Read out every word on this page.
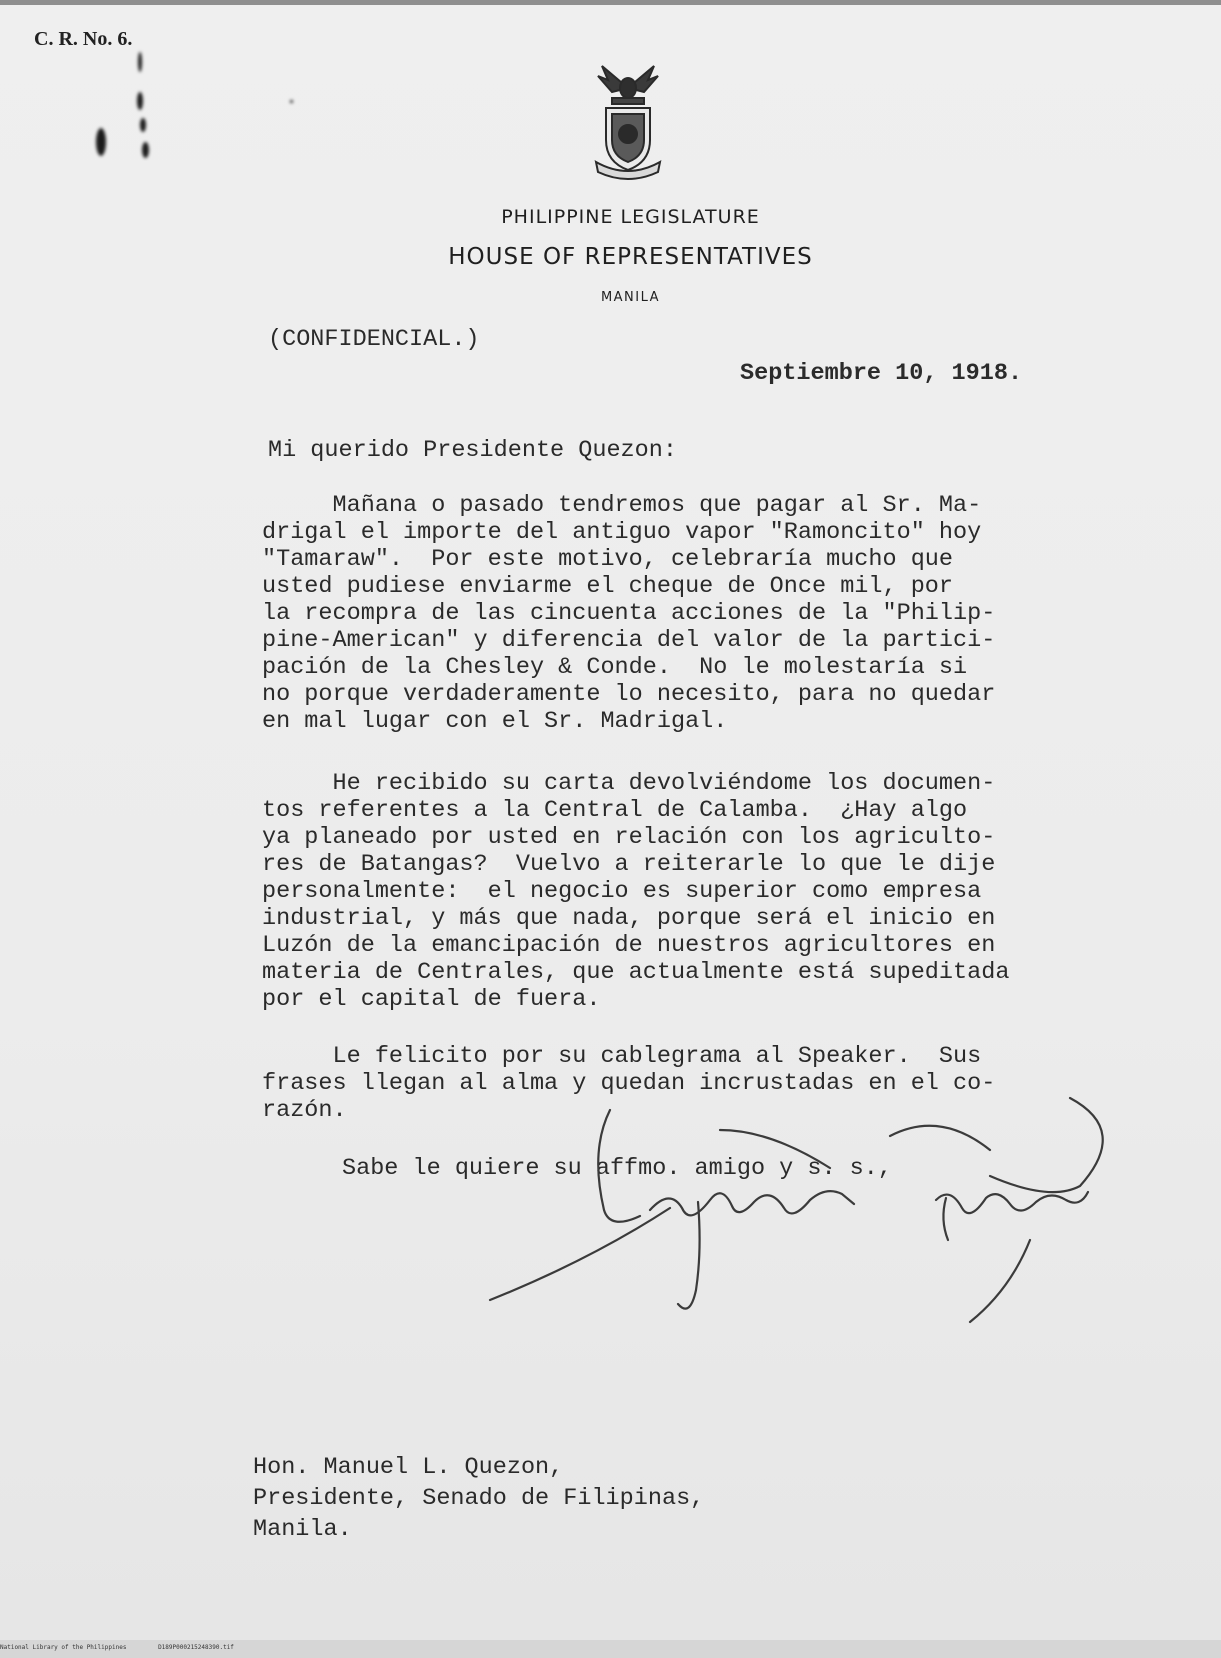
C. R. No. 6.
PHILIPPINE LEGISLATURE
HOUSE OF REPRESENTATIVES
MANILA
(CONFIDENCIAL.)
Septiembre 10, 1918.
Mi querido Presidente Quezon:
Mañana o pasado tendremos que pagar al Sr. Ma-
drigal el importe del antiguo vapor "Ramoncito" hoy
"Tamaraw".  Por este motivo, celebraría mucho que
usted pudiese enviarme el cheque de Once mil, por
la recompra de las cincuenta acciones de la "Philip-
pine-American" y diferencia del valor de la partici-
pación de la Chesley & Conde.  No le molestaría si
no porque verdaderamente lo necesito, para no quedar
en mal lugar con el Sr. Madrigal.
He recibido su carta devolviéndome los documen-
tos referentes a la Central de Calamba.  ¿Hay algo
ya planeado por usted en relación con los agriculto-
res de Batangas?  Vuelvo a reiterarle lo que le dije
personalmente:  el negocio es superior como empresa
industrial, y más que nada, porque será el inicio en
Luzón de la emancipación de nuestros agricultores en
materia de Centrales, que actualmente está supeditada
por el capital de fuera.
Le felicito por su cablegrama al Speaker.  Sus
frases llegan al alma y quedan incrustadas en el co-
razón.
Sabe le quiere su affmo. amigo y s. s.,
Hon. Manuel L. Quezon,
Presidente, Senado de Filipinas,
Manila.
National Library of the Philippines	D189P000215248390.tif
